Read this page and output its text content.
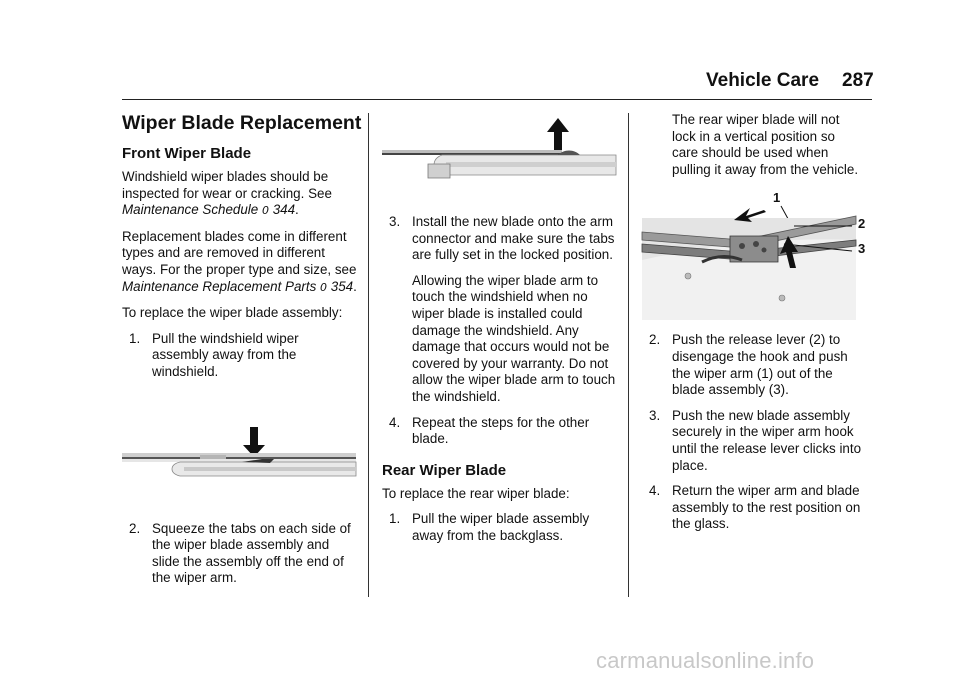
Vehicle Care 287
Wiper Blade Replacement
Front Wiper Blade

Windshield wiper blades should be inspected for wear or cracking. See Maintenance Schedule 0 344.

Replacement blades come in different types and are removed in different ways. For the proper type and size, see Maintenance Replacement Parts 0 354.

To replace the wiper blade assembly:

1. Pull the windshield wiper assembly away from the windshield.
2. Squeeze the tabs on each side of the wiper blade assembly and slide the assembly off the end of the wiper arm.
3. Install the new blade onto the arm connector and make sure the tabs are fully set in the locked position.

Allowing the wiper blade arm to touch the windshield when no wiper blade is installed could damage the windshield. Any damage that occurs would not be covered by your warranty. Do not allow the wiper blade arm to touch the windshield.

4. Repeat the steps for the other blade.
Rear Wiper Blade

To replace the rear wiper blade:

1. Pull the wiper blade assembly away from the backglass.

The rear wiper blade will not lock in a vertical position so care should be used when pulling it away from the vehicle.

1
2
3
2. Push the release lever (2) to disengage the hook and push the wiper arm (1) out of the blade assembly (3).
3. Push the new blade assembly securely in the wiper arm hook until the release lever clicks into place.
4. Return the wiper arm and blade assembly to the rest position on the glass.
carmanualsonline.info
